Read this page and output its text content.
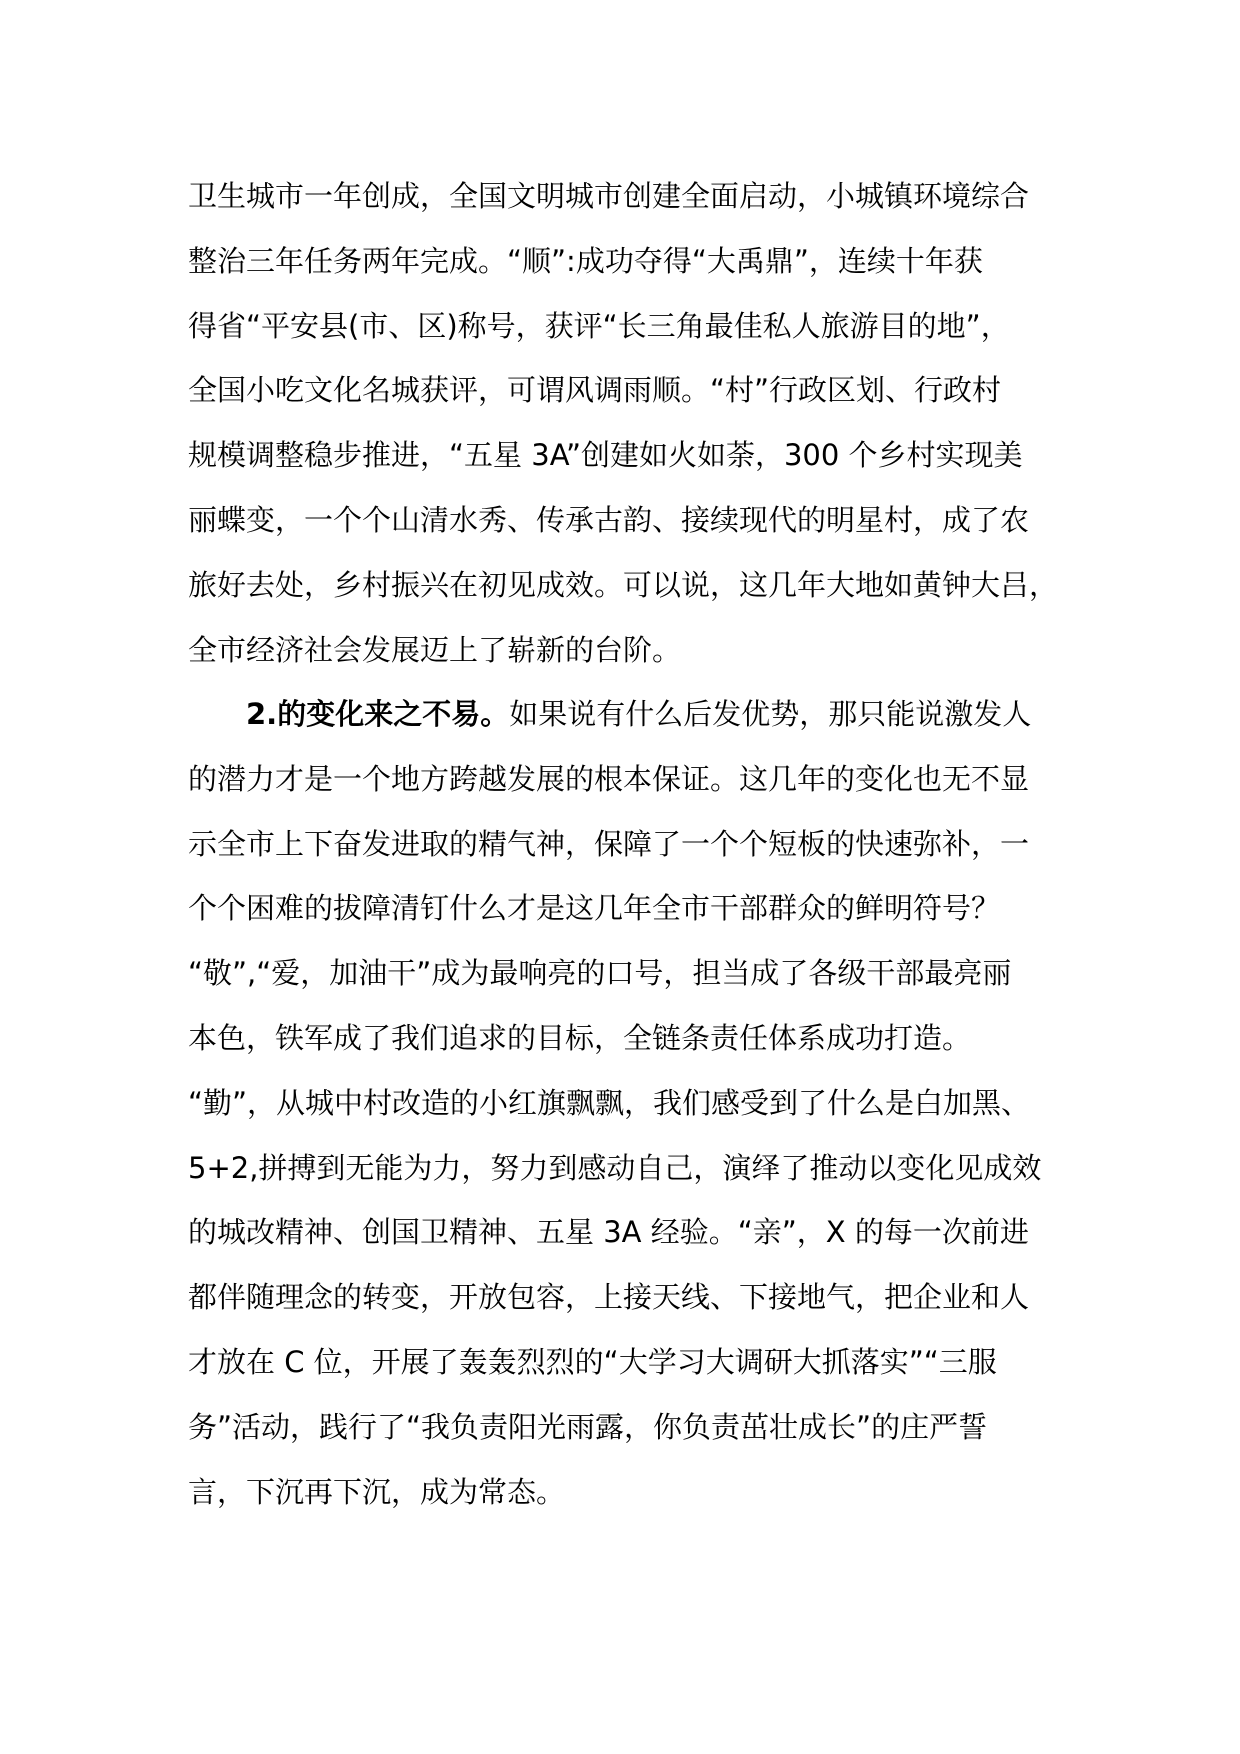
卫生城市一年创成，全国文明城市创建全面启动，小城镇环境综合
整治三年任务两年完成。“顺”:成功夺得“大禹鼎”，连续十年获
得省“平安县(市、区)称号，获评“长三角最佳私人旅游目的地”，
全国小吃文化名城获评，可谓风调雨顺。“村”行政区划、行政村
规模调整稳步推进，“五星 3A”创建如火如荼，300 个乡村实现美
丽蝶变，一个个山清水秀、传承古韵、接续现代的明星村，成了农
旅好去处，乡村振兴在初见成效。可以说，这几年大地如黄钟大吕，
全市经济社会发展迈上了崭新的台阶。
2.的变化来之不易。如果说有什么后发优势，那只能说激发人
的潜力才是一个地方跨越发展的根本保证。这几年的变化也无不显
示全市上下奋发进取的精气神，保障了一个个短板的快速弥补，一
个个困难的拔障清钉什么才是这几年全市干部群众的鲜明符号？
“敬”,“爱，加油干”成为最响亮的口号，担当成了各级干部最亮丽
本色，铁军成了我们追求的目标，全链条责任体系成功打造。
“勤”，从城中村改造的小红旗飘飘，我们感受到了什么是白加黑、
5+2,拼搏到无能为力，努力到感动自己，演绎了推动以变化见成效
的城改精神、创国卫精神、五星 3A 经验。“亲”，X 的每一次前进
都伴随理念的转变，开放包容，上接天线、下接地气，把企业和人
才放在 C 位，开展了轰轰烈烈的“大学习大调研大抓落实”“三服
务”活动，践行了“我负责阳光雨露，你负责茁壮成长”的庄严誓
言，下沉再下沉，成为常态。
